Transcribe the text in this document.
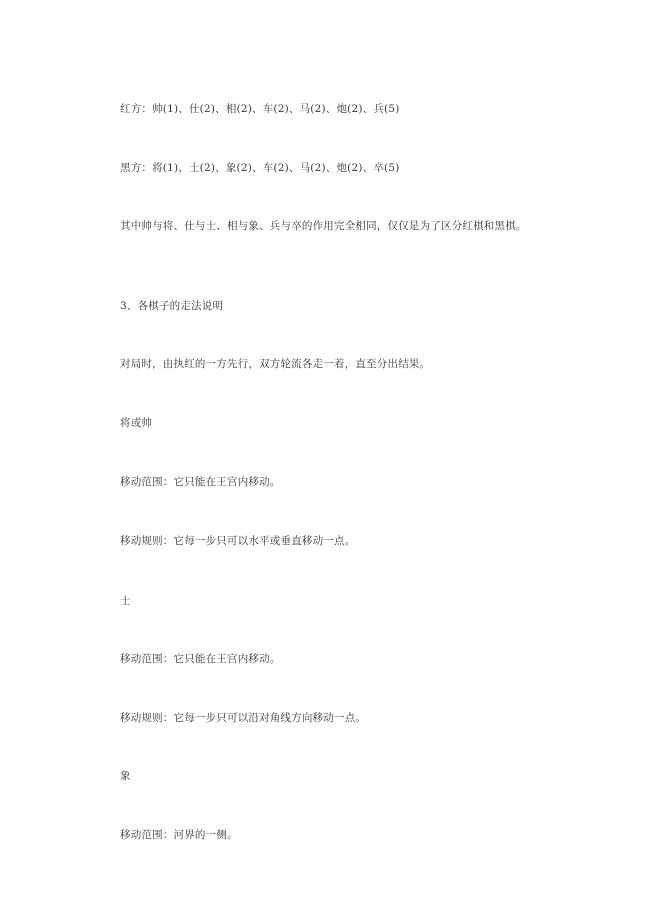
红方：帅(1)、仕(2)、相(2)、车(2)、马(2)、炮(2)、兵(5)
黑方：将(1)、士(2)、象(2)、车(2)、马(2)、炮(2)、卒(5)
其中帅与将、仕与士、相与象、兵与卒的作用完全相同，仅仅是为了区分红棋和黑棋。
3、各棋子的走法说明
对局时，由执红的一方先行，双方轮流各走一着，直至分出结果。
将或帅
移动范围：它只能在王宫内移动。
移动规则：它每一步只可以水平或垂直移动一点。
士
移动范围：它只能在王宫内移动。
移动规则：它每一步只可以沿对角线方向移动一点。
象
移动范围：河界的一侧。
